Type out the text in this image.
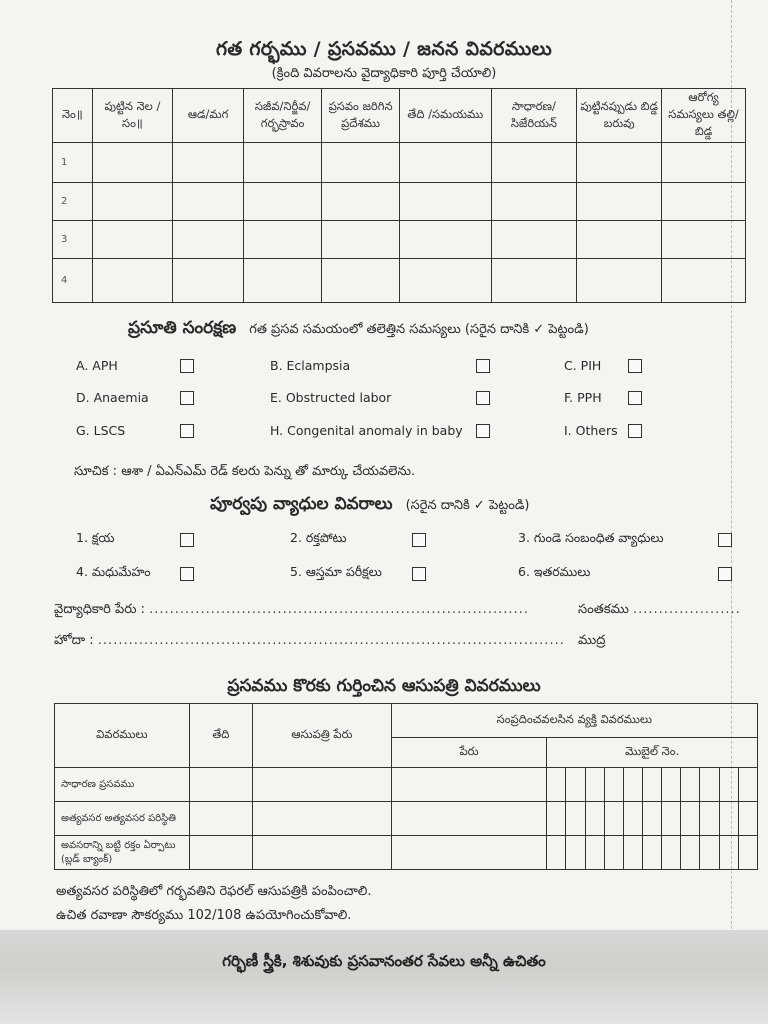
గత గర్భము / ప్రసవము / జనన వివరములు
(క్రింది వివరాలను వైద్యాధికారి పూర్తి చేయాలి)
నెం॥	పుట్టిన నెల / సం॥	ఆడ/మగ	సజీవ/నిర్జీవ/ గర్భస్రావం	ప్రసవం జరిగిన ప్రదేశము	తేది /సమయము	సాధారణ/ సిజేరియన్	పుట్టినప్పుడు బిడ్డ బరువు	ఆరోగ్య సమస్యలు తల్లి/బిడ్డ
1								
2								
3								
4								
ప్రసూతి సంరక్షణ గత ప్రసవ సమయంలో తలెత్తిన సమస్యలు (సరైన దానికి ✓ పెట్టండి)
A. APH	B. Eclampsia	C. PIH
D. Anaemia	E. Obstructed labor	F. PPH
G. LSCS	H. Congenital anomaly in baby	I. Others
సూచిక : ఆశా / ఏఎన్ఎమ్ రెడ్ కలరు పెన్ను తో మార్కు చేయవలెను.
పూర్వపు వ్యాధుల వివరాలు (సరైన దానికి ✓ పెట్టండి)
1. క్షయ	2. రక్తపోటు	3. గుండె సంబంధిత వ్యాధులు
4. మధుమేహం	5. ఆస్తమా పరీక్షలు	6. ఇతరములు
వైద్యాధికారి పేరు : ..........................................................................	సంతకము .....................
హోదా : ........................................................................................... ముద్ర
ప్రసవము కొరకు గుర్తించిన ఆసుపత్రి వివరములు
వివరములు	తేది	ఆసుపత్రి పేరు	సంప్రదించవలసిన వ్యక్తి వివరములు											
			పేరు	మొబైల్ నెం.										
సాధారణ ప్రసవము														
అత్యవసర అత్యవసర పరిస్థితి														
అవసరాన్ని బట్టి రక్తం ఏర్పాటు (బ్లడ్ బ్యాంక్)														
అత్యవసర పరిస్థితిలో గర్భవతిని రెఫరల్ ఆసుపత్రికి పంపించాలి.
ఉచిత రవాణా సౌకర్యము 102/108 ఉపయోగించుకోవాలి.
గర్భిణీ స్త్రీకి, శిశువుకు ప్రసవానంతర సేవలు అన్నీ ఉచితం
